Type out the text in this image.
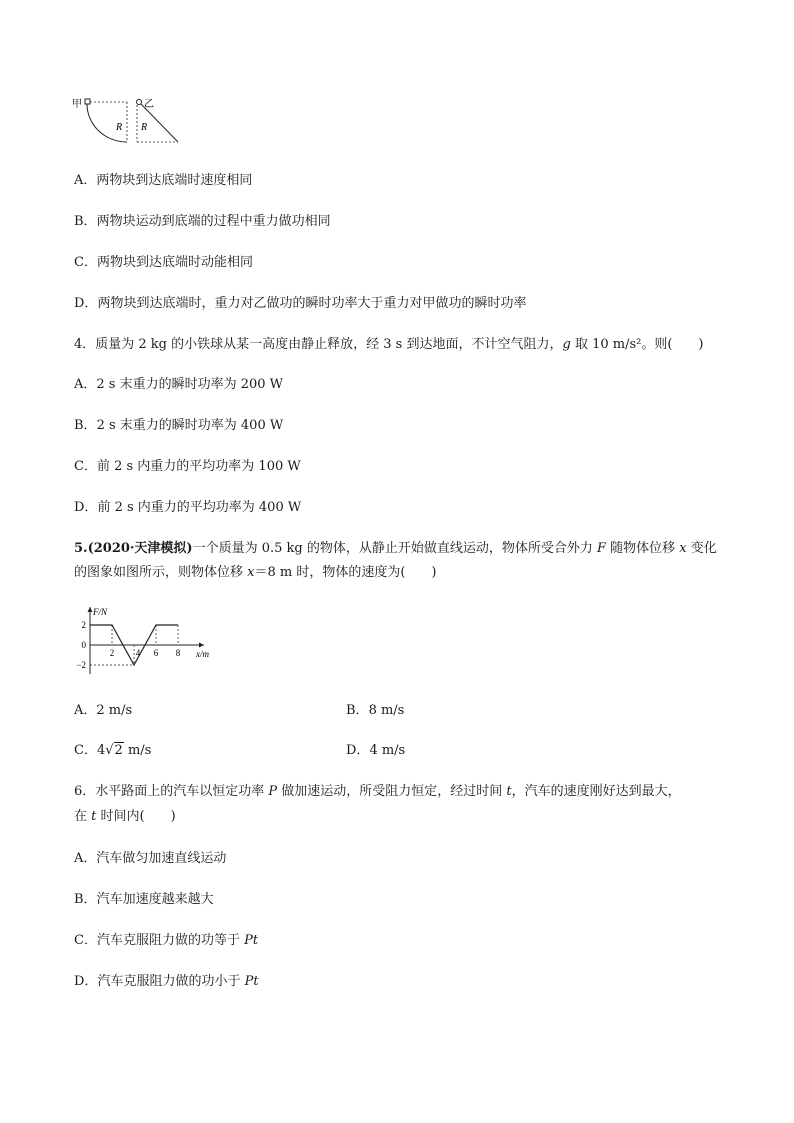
甲
R
乙
R
A．两物块到达底端时速度相同
B．两物块运动到底端的过程中重力做功相同
C．两物块到达底端时动能相同
D．两物块到达底端时，重力对乙做功的瞬时功率大于重力对甲做功的瞬时功率
4．质量为 2 kg 的小铁球从某一高度由静止释放，经 3 s 到达地面，不计空气阻力，g 取 10 m/s²。则(　　)
A．2 s 末重力的瞬时功率为 200 W
B．2 s 末重力的瞬时功率为 400 W
C．前 2 s 内重力的平均功率为 100 W
D．前 2 s 内重力的平均功率为 400 W
5.(2020·天津模拟)一个质量为 0.5 kg 的物体，从静止开始做直线运动，物体所受合外力 F 随物体位移 x 变化
的图象如图所示，则物体位移 x＝8 m 时，物体的速度为(　　)
F/N
x/m
2
0
−2
2 4 6 8
A．2 m/s	B．8 m/s
C．4√2 m/s	D．4 m/s
6．水平路面上的汽车以恒定功率 P 做加速运动，所受阻力恒定，经过时间 t，汽车的速度刚好达到最大，
在 t 时间内(　　)
A．汽车做匀加速直线运动
B．汽车加速度越来越大
C．汽车克服阻力做的功等于 Pt
D．汽车克服阻力做的功小于 Pt
